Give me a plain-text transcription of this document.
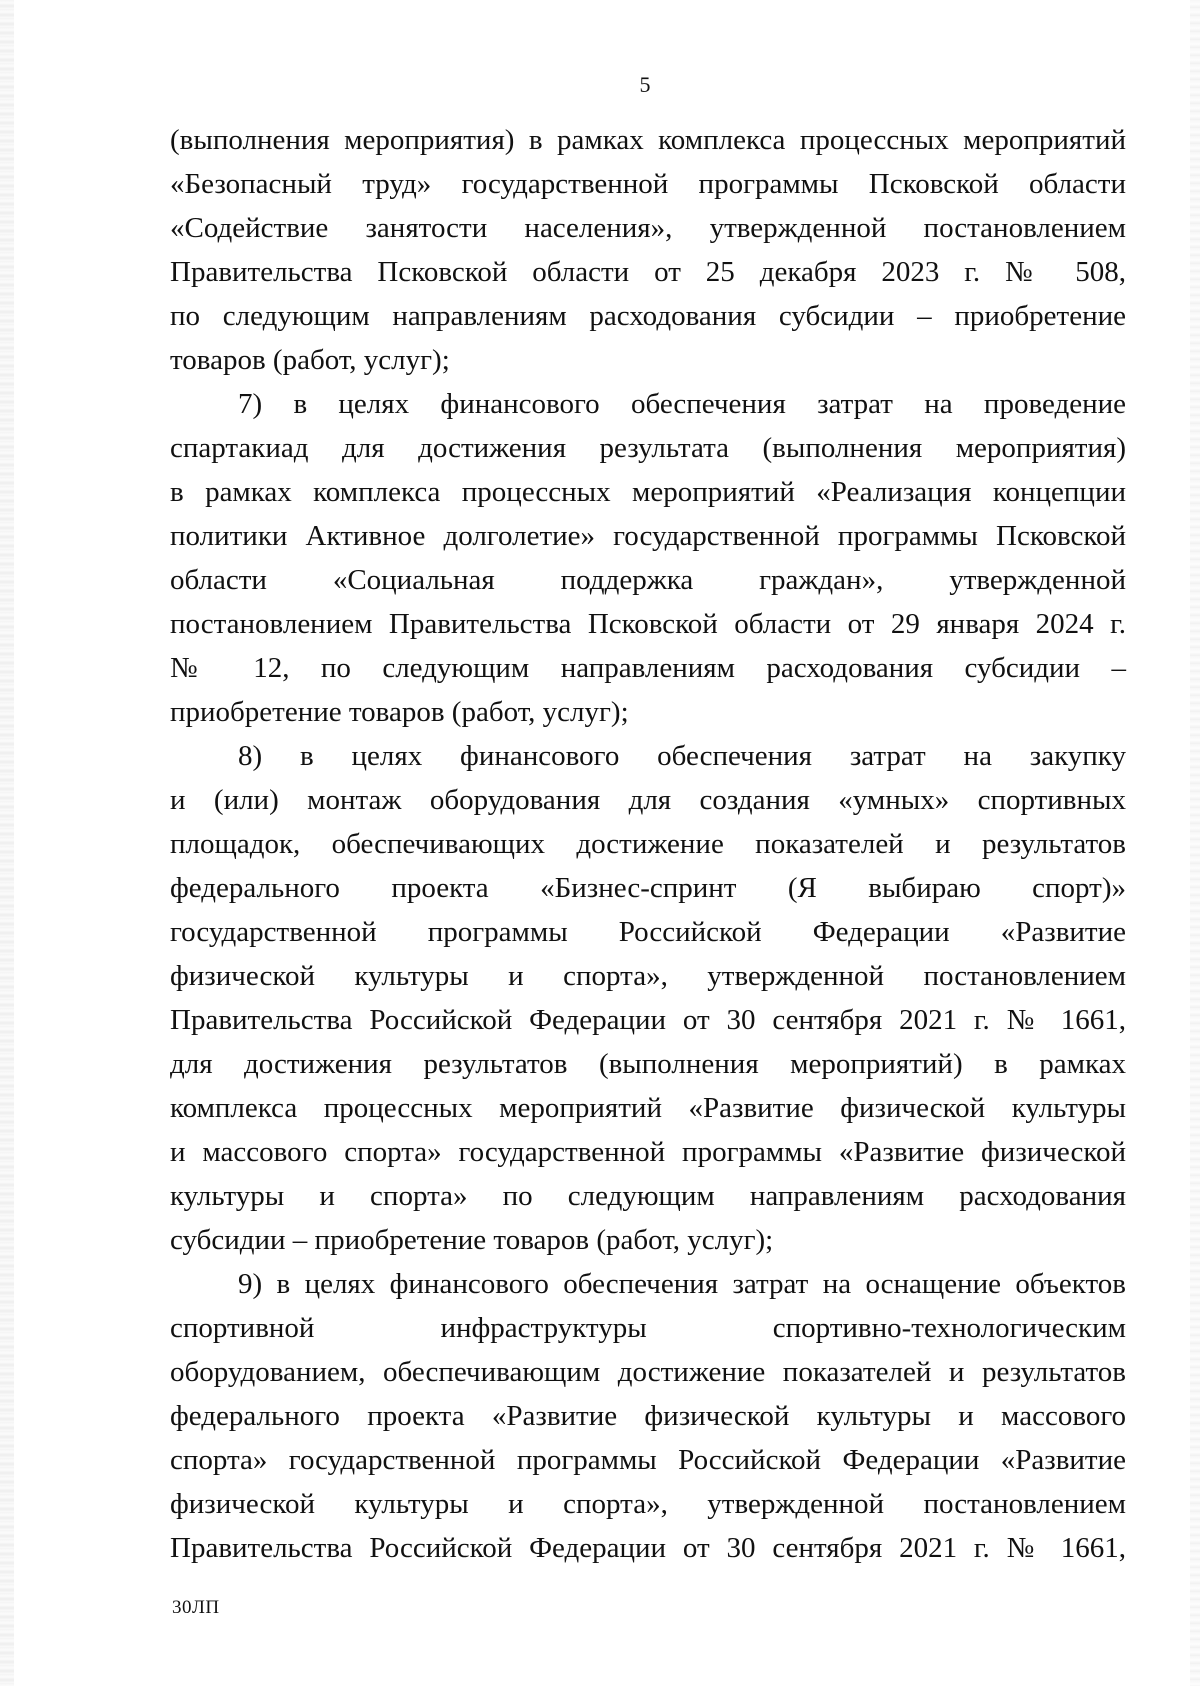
5
(выполнения мероприятия) в рамках комплекса процессных мероприятий
«Безопасный труд» государственной программы Псковской области
«Содействие занятости населения», утвержденной постановлением
Правительства Псковской области от 25 декабря 2023 г. № 508,
по следующим направлениям расходования субсидии – приобретение
товаров (работ, услуг);
7) в целях финансового обеспечения затрат на проведение
спартакиад для достижения результата (выполнения мероприятия)
в рамках комплекса процессных мероприятий «Реализация концепции
политики Активное долголетие» государственной программы Псковской
области «Социальная поддержка граждан», утвержденной
постановлением Правительства Псковской области от 29 января 2024 г.
№ 12, по следующим направлениям расходования субсидии –
приобретение товаров (работ, услуг);
8) в целях финансового обеспечения затрат на закупку
и (или) монтаж оборудования для создания «умных» спортивных
площадок, обеспечивающих достижение показателей и результатов
федерального проекта «Бизнес-спринт (Я выбираю спорт)»
государственной программы Российской Федерации «Развитие
физической культуры и спорта», утвержденной постановлением
Правительства Российской Федерации от 30 сентября 2021 г. № 1661,
для достижения результатов (выполнения мероприятий) в рамках
комплекса процессных мероприятий «Развитие физической культуры
и массового спорта» государственной программы «Развитие физической
культуры и спорта» по следующим направлениям расходования
субсидии – приобретение товаров (работ, услуг);
9) в целях финансового обеспечения затрат на оснащение объектов
спортивной инфраструктуры спортивно-технологическим
оборудованием, обеспечивающим достижение показателей и результатов
федерального проекта «Развитие физической культуры и массового
спорта» государственной программы Российской Федерации «Развитие
физической культуры и спорта», утвержденной постановлением
Правительства Российской Федерации от 30 сентября 2021 г. № 1661,
30ЛП
